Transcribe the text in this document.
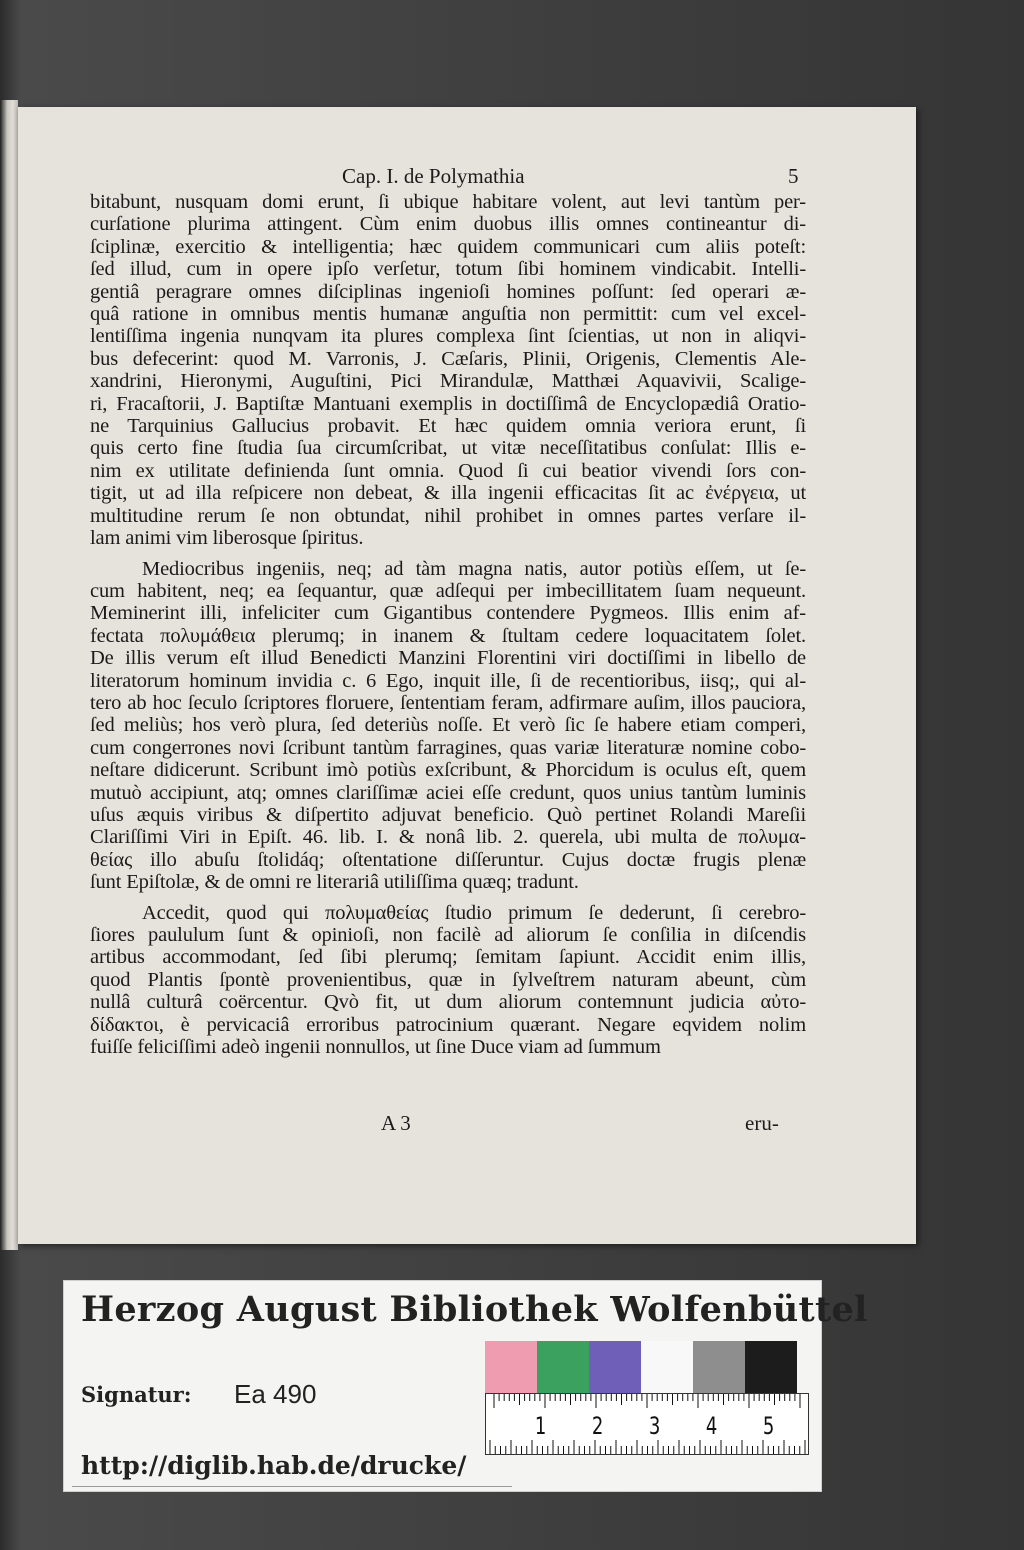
Cap. I. de Polymathia	5
bitabunt, nusquam domi erunt, ſi ubique habitare volent, aut levi tantùm per-
curſatione plurima attingent. Cùm enim duobus illis omnes contineantur di-
ſciplinæ, exercitio & intelligentia; hæc quidem communicari cum aliis poteſt:
ſed illud, cum in opere ipſo verſetur, totum ſibi hominem vindicabit. Intelli-
gentiâ peragrare omnes diſciplinas ingenioſi homines poſſunt: ſed operari æ-
quâ ratione in omnibus mentis humanæ anguſtia non permittit: cum vel excel-
lentiſſima ingenia nunqvam ita plures complexa ſint ſcientias, ut non in aliqvi-
bus defecerint: quod M. Varronis, J. Cæſaris, Plinii, Origenis, Clementis Ale-
xandrini, Hieronymi, Auguſtini, Pici Mirandulæ, Matthæi Aquavivii, Scalige-
ri, Fracaſtorii, J. Baptiſtæ Mantuani exemplis in doctiſſimâ de Encyclopædiâ Oratio-
ne Tarquinius Gallucius probavit. Et hæc quidem omnia veriora erunt, ſi
quis certo fine ſtudia ſua circumſcribat, ut vitæ neceſſitatibus conſulat: Illis e-
nim ex utilitate definienda ſunt omnia. Quod ſi cui beatior vivendi ſors con-
tigit, ut ad illa reſpicere non debeat, & illa ingenii efficacitas ſit ac ἐνέργεια, ut
multitudine rerum ſe non obtundat, nihil prohibet in omnes partes verſare il-
lam animi vim liberosque ſpiritus.
Mediocribus ingeniis, neq; ad tàm magna natis, autor potiùs eſſem, ut ſe-
cum habitent, neq; ea ſequantur, quæ adſequi per imbecillitatem ſuam nequeunt.
Meminerint illi, infeliciter cum Gigantibus contendere Pygmeos. Illis enim af-
fectata πολυμάθεια plerumq; in inanem & ſtultam cedere loquacitatem ſolet.
De illis verum eſt illud Benedicti Manzini Florentini viri doctiſſimi in libello de
literatorum hominum invidia c. 6 Ego, inquit ille, ſi de recentioribus, iisq;, qui al-
tero ab hoc ſeculo ſcriptores floruere, ſententiam feram, adfirmare auſim, illos pauciora,
ſed meliùs; hos verò plura, ſed deteriùs noſſe. Et verò ſic ſe habere etiam comperi,
cum congerrones novi ſcribunt tantùm farragines, quas variæ literaturæ nomine cobo-
neſtare didicerunt. Scribunt imò potiùs exſcribunt, & Phorcidum is oculus eſt, quem
mutuò accipiunt, atq; omnes clariſſimæ aciei eſſe credunt, quos unius tantùm luminis
uſus æquis viribus & diſpertito adjuvat beneficio. Quò pertinet Rolandi Mareſii
Clariſſimi Viri in Epiſt. 46. lib. I. & nonâ lib. 2. querela, ubi multa de πολυμα-
θείας illo abuſu ſtolidáq; oſtentatione diſſeruntur. Cujus doctæ frugis plenæ
ſunt Epiſtolæ, & de omni re literariâ utiliſſima quæq; tradunt.
Accedit, quod qui πολυμαθείας ſtudio primum ſe dederunt, ſi cerebro-
ſiores paululum ſunt & opinioſi, non facilè ad aliorum ſe conſilia in diſcendis
artibus accommodant, ſed ſibi plerumq; ſemitam ſapiunt. Accidit enim illis,
quod Plantis ſpontè provenientibus, quæ in ſylveſtrem naturam abeunt, cùm
nullâ culturâ coërcentur. Qvò fit, ut dum aliorum contemnunt judicia αὐτο-
δίδακτοι, è pervicaciâ erroribus patrocinium quærant. Negare eqvidem nolim
fuiſſe feliciſſimi adeò ingenii nonnullos, ut ſine Duce viam ad ſummum
A 3	eru-
Herzog August Bibliothek Wolfenbüttel
Signatur: Ea 490
http://diglib.hab.de/drucke/
1 2 3 4 5
